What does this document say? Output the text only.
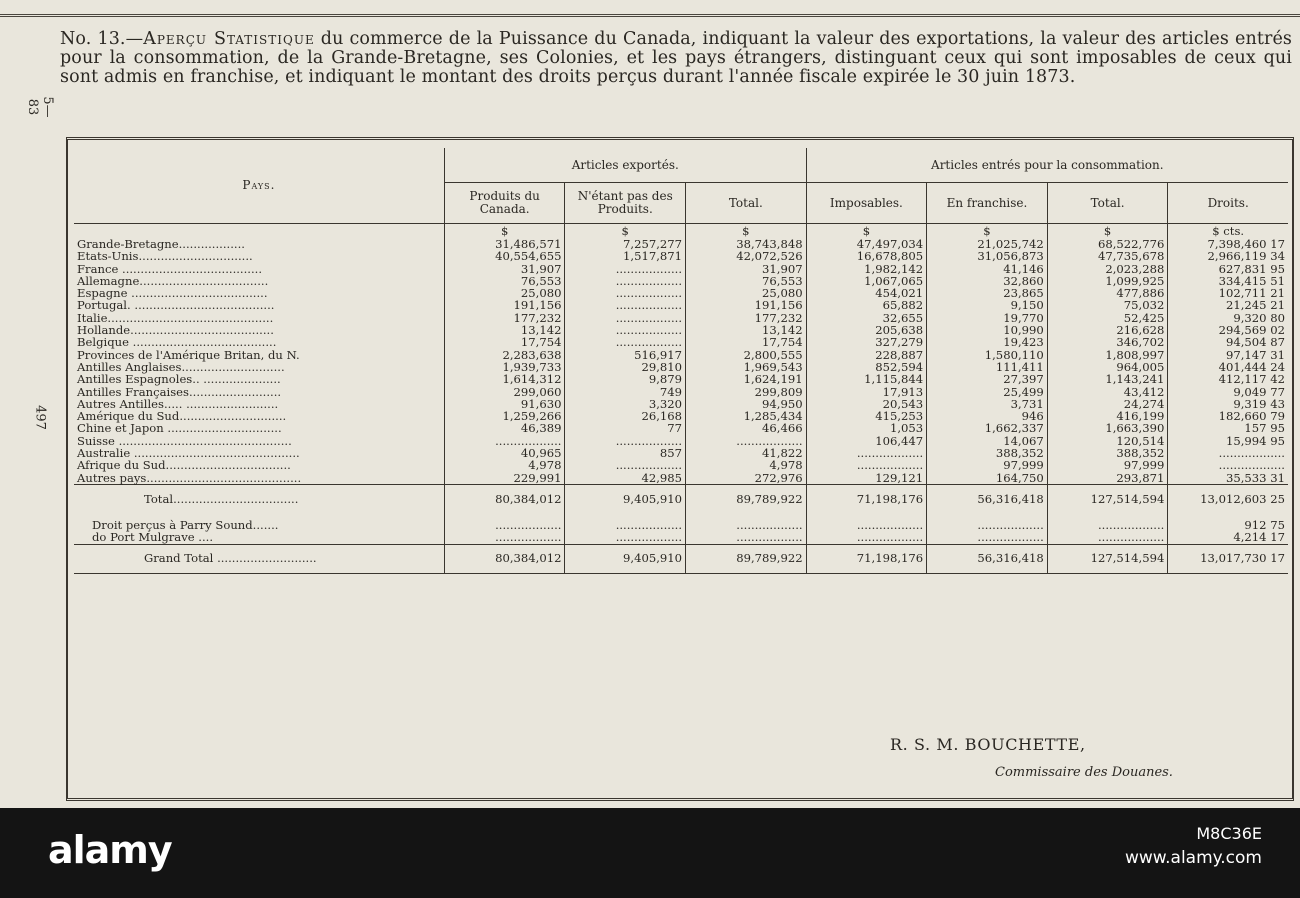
No. 13.—Aperçu Statistique du commerce de la Puissance du Canada, indiquant la valeur des exportations, la valeur des articles entrés pour la consommation, de la Grande-Bretagne, ses Colonies, et les pays étrangers, distinguant ceux qui sont imposables de ceux qui sont admis en franchise, et indiquant le montant des droits perçus durant l'année fiscale expirée le 30 juin 1873.
5—83
497
Pays.	Articles exportés.			Articles entrés pour la consommation.			
	Produits du Canada.	N'étant pas des Produits.	Total.	Imposables.	En franchise.	Total.	Droits.
	$	$	$	$	$	$	$ cts.
Grande-Bretagne..................	31,486,571	7,257,277	38,743,848	47,497,034	21,025,742	68,522,776	7,398,460 17
Etats-Unis...............................	40,554,655	1,517,871	42,072,526	16,678,805	31,056,873	47,735,678	2,966,119 34
France ......................................	31,907	..................	31,907	1,982,142	41,146	2,023,288	627,831 95
Allemagne...................................	76,553	..................	76,553	1,067,065	32,860	1,099,925	334,415 51
Espagne .....................................	25,080	..................	25,080	454,021	23,865	477,886	102,711 21
Portugal. ......................................	191,156	..................	191,156	65,882	9,150	75,032	21,245 21
Italie.............................................	177,232	..................	177,232	32,655	19,770	52,425	9,320 80
Hollande.......................................	13,142	..................	13,142	205,638	10,990	216,628	294,569 02
Belgique .......................................	17,754	..................	17,754	327,279	19,423	346,702	94,504 87
Provinces de l'Amérique Britan, du N.	2,283,638	516,917	2,800,555	228,887	1,580,110	1,808,997	97,147 31
Antilles Anglaises............................	1,939,733	29,810	1,969,543	852,594	111,411	964,005	401,444 24
Antilles Espagnoles.. .....................	1,614,312	9,879	1,624,191	1,115,844	27,397	1,143,241	412,117 42
Antilles Françaises.........................	299,060	749	299,809	17,913	25,499	43,412	9,049 77
Autres Antilles..... .........................	91,630	3,320	94,950	20,543	3,731	24,274	9,319 43
Amérique du Sud.............................	1,259,266	26,168	1,285,434	415,253	946	416,199	182,660 79
Chine et Japon ...............................	46,389	77	46,466	1,053	1,662,337	1,663,390	157 95
Suisse ...............................................	..................	..................	..................	106,447	14,067	120,514	15,994 95
Australie .............................................	40,965	857	41,822	..................	388,352	388,352	..................
Afrique du Sud..................................	4,978	..................	4,978	..................	97,999	97,999	..................
Autres pays..........................................	229,991	42,985	272,976	129,121	164,750	293,871	35,533 31
Total..................................	80,384,012	9,405,910	89,789,922	71,198,176	56,316,418	127,514,594	13,012,603 25

Droit perçus à Parry Sound.......	..................	..................	..................	..................	..................	..................	912 75
do Port Mulgrave ....	..................	..................	..................	..................	..................	..................	4,214 17
Grand Total ...........................	80,384,012	9,405,910	89,789,922	71,198,176	56,316,418	127,514,594	13,017,730 17
R. S. M. BOUCHETTE,
Commissaire des Douanes.
alamy	M8C36E
www.alamy.com
